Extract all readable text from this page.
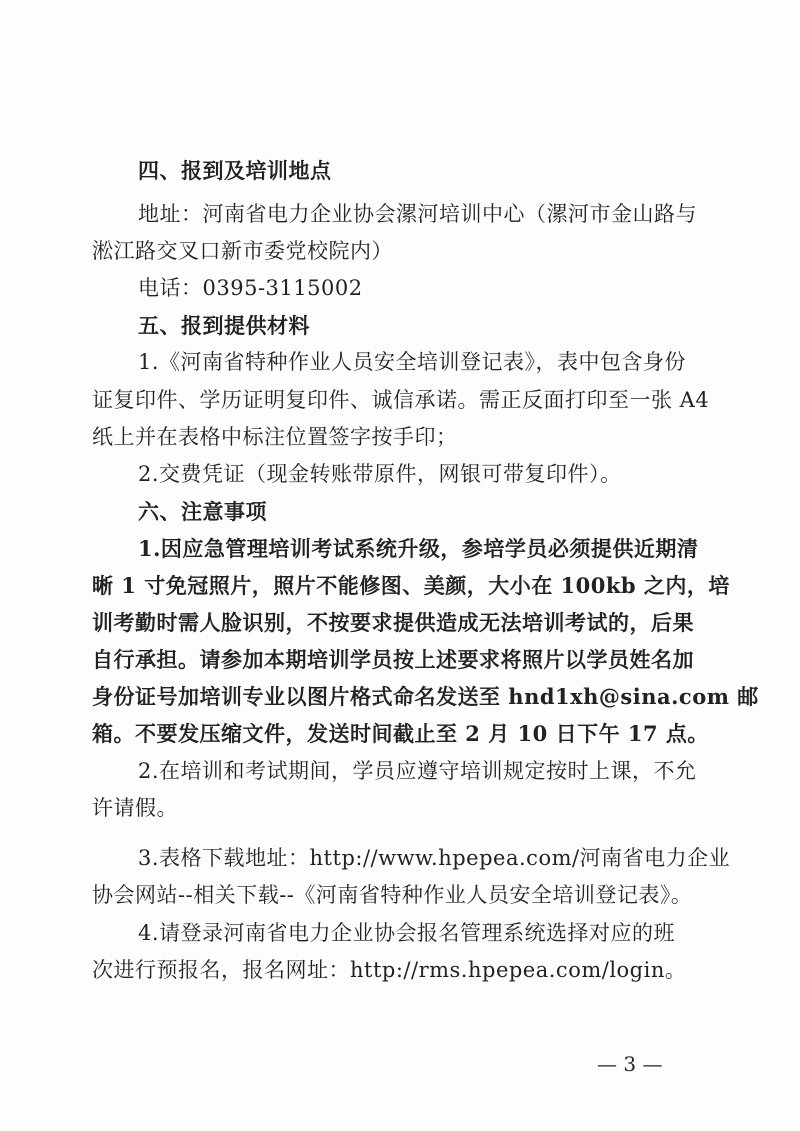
四、报到及培训地点
地址：河南省电力企业协会漯河培训中心（漯河市金山路与
淞江路交叉口新市委党校院内）
电话：0395-3115002
五、报到提供材料
1.《河南省特种作业人员安全培训登记表》，表中包含身份
证复印件、学历证明复印件、诚信承诺。需正反面打印至一张 A4
纸上并在表格中标注位置签字按手印；
2.交费凭证（现金转账带原件，网银可带复印件）。
六、注意事项
1.因应急管理培训考试系统升级，参培学员必须提供近期清
晰 1 寸免冠照片，照片不能修图、美颜，大小在 100kb 之内，培
训考勤时需人脸识别，不按要求提供造成无法培训考试的，后果
自行承担。请参加本期培训学员按上述要求将照片以学员姓名加
身份证号加培训专业以图片格式命名发送至 hnd1xh@sina.com 邮
箱。不要发压缩文件，发送时间截止至 2 月 10 日下午 17 点。
2.在培训和考试期间，学员应遵守培训规定按时上课，不允
许请假。
3.表格下载地址：http://www.hpepea.com/河南省电力企业
协会网站--相关下载--《河南省特种作业人员安全培训登记表》。
4.请登录河南省电力企业协会报名管理系统选择对应的班
次进行预报名，报名网址：http://rms.hpepea.com/login。
— 3 —
